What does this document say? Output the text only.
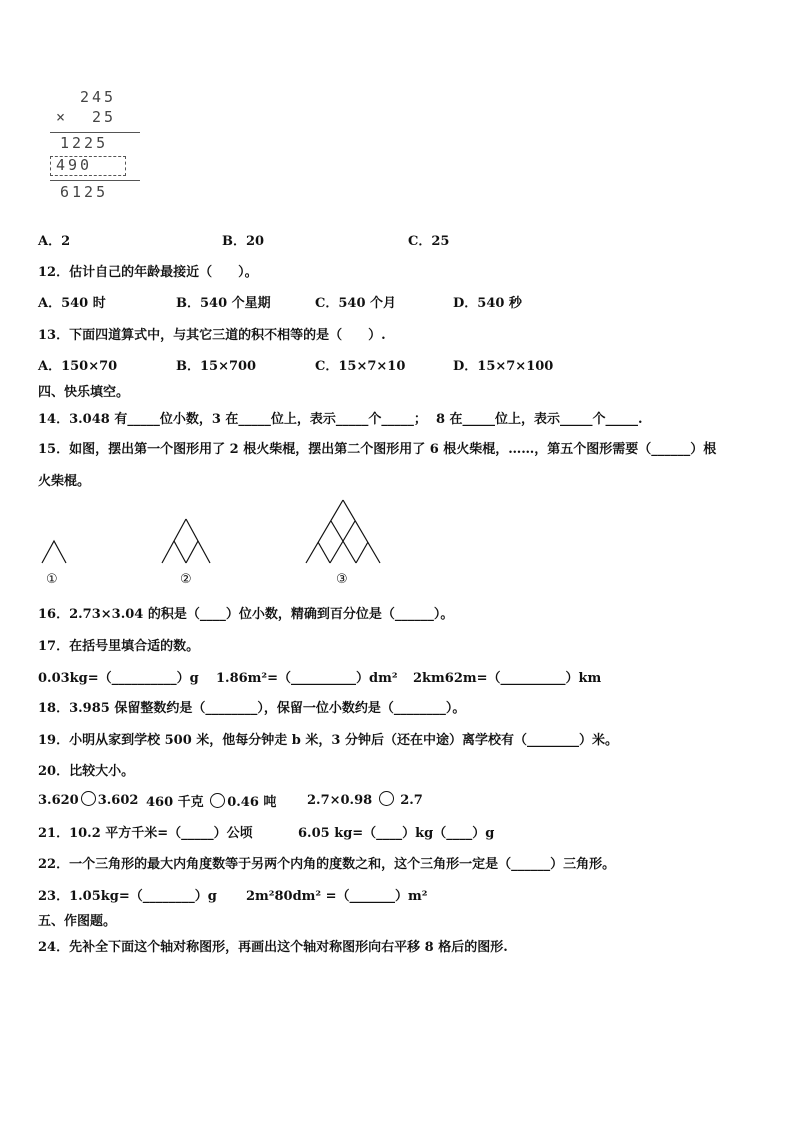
245
× 25
1225
490
6125
A．2	B．20	C．25
12．估计自己的年龄最接近（　　）。
A．540 时	B．540 个星期	C．540 个月	D．540 秒
13．下面四道算式中，与其它三道的积不相等的是（　　）.
A．150×70	B．15×700	C．15×7×10	D．15×7×100
四、快乐填空。
14．3.048 有_____位小数，3 在_____位上，表示_____个_____；  8 在_____位上，表示_____个_____.
15．如图，摆出第一个图形用了 2 根火柴棍，摆出第二个图形用了 6 根火柴棍，……，第五个图形需要（______）根
火柴棍。
①	②	③
16．2.73×3.04 的积是（____）位小数，精确到百分位是（______）。
17．在括号里填合适的数。
0.03kg=（__________）g 1.86m²=（__________）dm² 2km62m=（__________）km
18．3.985 保留整数约是（________），保留一位小数约是（________）。
19．小明从家到学校 500 米，他每分钟走 b 米，3 分钟后（还在中途）离学校有（________）米。
20．比较大小。
3.620 3.602 460 千克 0.46 吨 2.7×0.98  2.7
21．10.2 平方千米=（_____）公顷	6.05 kg=（____）kg（____）g
22．一个三角形的最大内角度数等于另两个内角的度数之和，这个三角形一定是（______）三角形。
23．1.05kg=（________）g 2m²80dm² =（_______）m²
五、作图题。
24．先补全下面这个轴对称图形，再画出这个轴对称图形向右平移 8 格后的图形.
